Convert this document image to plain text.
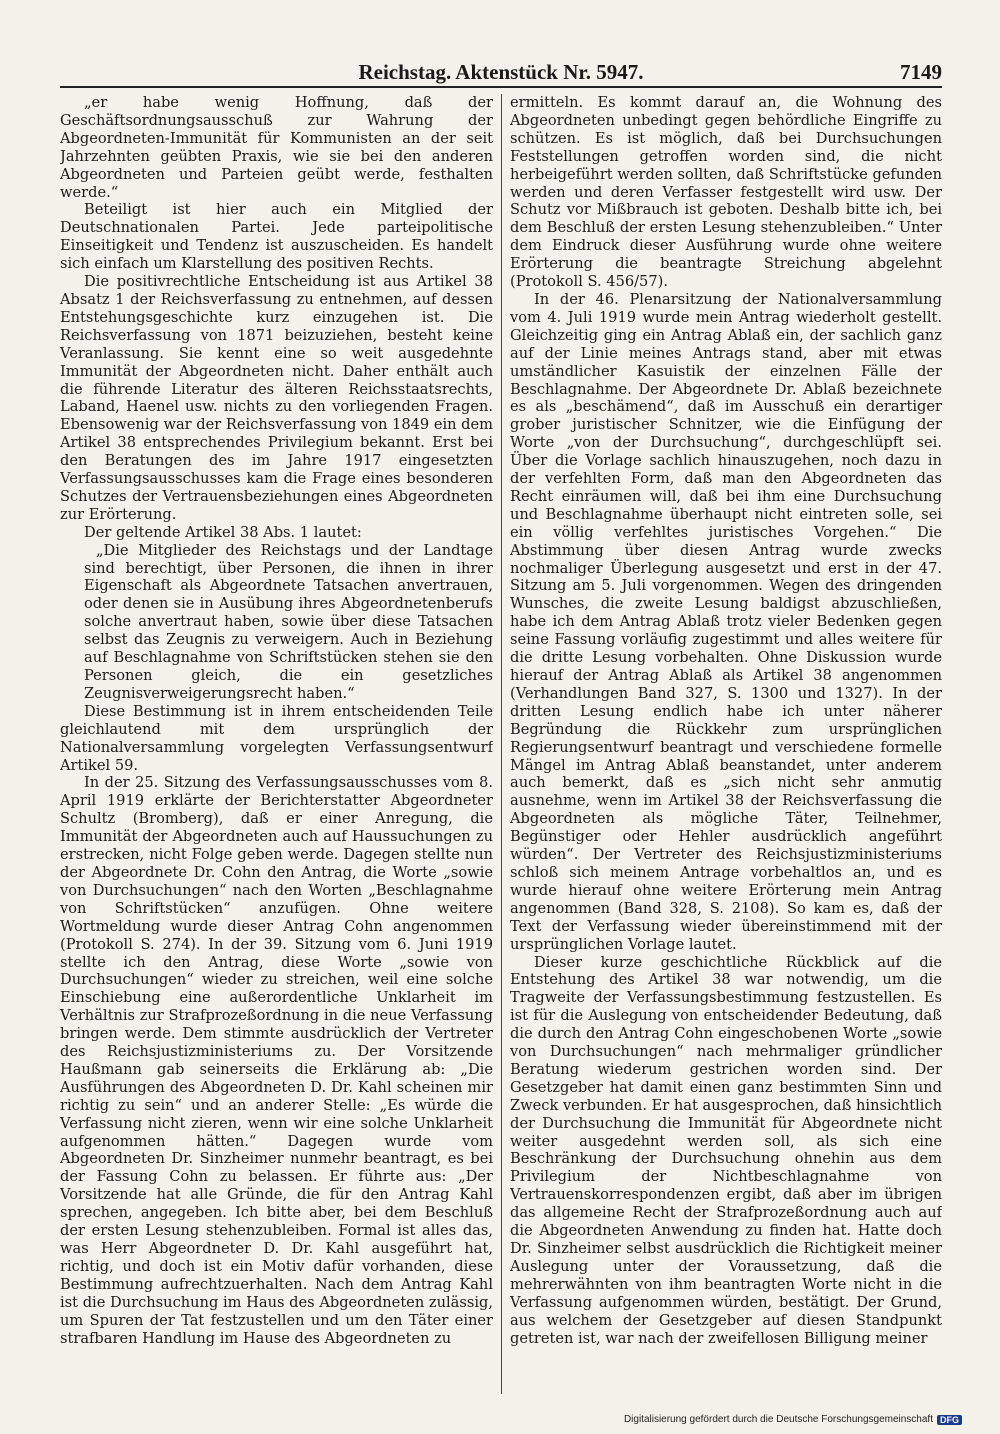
Reichstag. Aktenstück Nr. 5947.	7149

„er habe wenig Hoffnung, daß der Geschäftsordnungsausschuß zur Wahrung der Abgeordneten-Immunität für Kommunisten an der seit Jahrzehnten geübten Praxis, wie sie bei den anderen Abgeordneten und Parteien geübt werde, festhalten werde.“

Beteiligt ist hier auch ein Mitglied der Deutschnationalen Partei. Jede parteipolitische Einseitigkeit und Tendenz ist auszuscheiden. Es handelt sich einfach um Klarstellung des positiven Rechts.

Die positivrechtliche Entscheidung ist aus Artikel 38 Absatz 1 der Reichsverfassung zu entnehmen, auf dessen Entstehungsgeschichte kurz einzugehen ist. Die Reichsverfassung von 1871 beizuziehen, besteht keine Veranlassung. Sie kennt eine so weit ausgedehnte Immunität der Abgeordneten nicht. Daher enthält auch die führende Literatur des älteren Reichsstaatsrechts, Laband, Haenel usw. nichts zu den vorliegenden Fragen. Ebensowenig war der Reichsverfassung von 1849 ein dem Artikel 38 entsprechendes Privilegium bekannt. Erst bei den Beratungen des im Jahre 1917 eingesetzten Verfassungsausschusses kam die Frage eines besonderen Schutzes der Vertrauensbeziehungen eines Abgeordneten zur Erörterung.

Der geltende Artikel 38 Abs. 1 lautet:

„Die Mitglieder des Reichstags und der Landtage sind berechtigt, über Personen, die ihnen in ihrer Eigenschaft als Abgeordnete Tatsachen anvertrauen, oder denen sie in Ausübung ihres Abgeordnetenberufs solche anvertraut haben, sowie über diese Tatsachen selbst das Zeugnis zu verweigern. Auch in Beziehung auf Beschlagnahme von Schriftstücken stehen sie den Personen gleich, die ein gesetzliches Zeugnisverweigerungsrecht haben.“

Diese Bestimmung ist in ihrem entscheidenden Teile gleichlautend mit dem ursprünglich der Nationalversammlung vorgelegten Verfassungsentwurf Artikel 59.

In der 25. Sitzung des Verfassungsausschusses vom 8. April 1919 erklärte der Berichterstatter Abgeordneter Schultz (Bromberg), daß er einer Anregung, die Immunität der Abgeordneten auch auf Haussuchungen zu erstrecken, nicht Folge geben werde. Dagegen stellte nun der Abgeordnete Dr. Cohn den Antrag, die Worte „sowie von Durchsuchungen“ nach den Worten „Beschlagnahme von Schriftstücken“ anzufügen. Ohne weitere Wortmeldung wurde dieser Antrag Cohn angenommen (Protokoll S. 274). In der 39. Sitzung vom 6. Juni 1919 stellte ich den Antrag, diese Worte „sowie von Durchsuchungen“ wieder zu streichen, weil eine solche Einschiebung eine außerordentliche Unklarheit im Verhältnis zur Strafprozeßordnung in die neue Verfassung bringen werde. Dem stimmte ausdrücklich der Vertreter des Reichsjustizministeriums zu. Der Vorsitzende Haußmann gab seinerseits die Erklärung ab: „Die Ausführungen des Abgeordneten D. Dr. Kahl scheinen mir richtig zu sein“ und an anderer Stelle: „Es würde die Verfassung nicht zieren, wenn wir eine solche Unklarheit aufgenommen hätten.“ Dagegen wurde vom Abgeordneten Dr. Sinzheimer nunmehr beantragt, es bei der Fassung Cohn zu belassen. Er führte aus: „Der Vorsitzende hat alle Gründe, die für den Antrag Kahl sprechen, angegeben. Ich bitte aber, bei dem Beschluß der ersten Lesung stehenzubleiben. Formal ist alles das, was Herr Abgeordneter D. Dr. Kahl ausgeführt hat, richtig, und doch ist ein Motiv dafür vorhanden, diese Bestimmung aufrechtzuerhalten. Nach dem Antrag Kahl ist die Durchsuchung im Haus des Abgeordneten zulässig, um Spuren der Tat festzustellen und um den Täter einer strafbaren Handlung im Hause des Abgeordneten zu

ermitteln. Es kommt darauf an, die Wohnung des Abgeordneten unbedingt gegen behördliche Eingriffe zu schützen. Es ist möglich, daß bei Durchsuchungen Feststellungen getroffen worden sind, die nicht herbeigeführt werden sollten, daß Schriftstücke gefunden werden und deren Verfasser festgestellt wird usw. Der Schutz vor Mißbrauch ist geboten. Deshalb bitte ich, bei dem Beschluß der ersten Lesung stehenzubleiben.“ Unter dem Eindruck dieser Ausführung wurde ohne weitere Erörterung die beantragte Streichung abgelehnt (Protokoll S. 456/57).

In der 46. Plenarsitzung der Nationalversammlung vom 4. Juli 1919 wurde mein Antrag wiederholt gestellt. Gleichzeitig ging ein Antrag Ablaß ein, der sachlich ganz auf der Linie meines Antrags stand, aber mit etwas umständlicher Kasuistik der einzelnen Fälle der Beschlagnahme. Der Abgeordnete Dr. Ablaß bezeichnete es als „beschämend“, daß im Ausschuß ein derartiger grober juristischer Schnitzer, wie die Einfügung der Worte „von der Durchsuchung“, durchgeschlüpft sei. Über die Vorlage sachlich hinauszugehen, noch dazu in der verfehlten Form, daß man den Abgeordneten das Recht einräumen will, daß bei ihm eine Durchsuchung und Beschlagnahme überhaupt nicht eintreten solle, sei ein völlig verfehltes juristisches Vorgehen.“ Die Abstimmung über diesen Antrag wurde zwecks nochmaliger Überlegung ausgesetzt und erst in der 47. Sitzung am 5. Juli vorgenommen. Wegen des dringenden Wunsches, die zweite Lesung baldigst abzuschließen, habe ich dem Antrag Ablaß trotz vieler Bedenken gegen seine Fassung vorläufig zugestimmt und alles weitere für die dritte Lesung vorbehalten. Ohne Diskussion wurde hierauf der Antrag Ablaß als Artikel 38 angenommen (Verhandlungen Band 327, S. 1300 und 1327). In der dritten Lesung endlich habe ich unter näherer Begründung die Rückkehr zum ursprünglichen Regierungsentwurf beantragt und verschiedene formelle Mängel im Antrag Ablaß beanstandet, unter anderem auch bemerkt, daß es „sich nicht sehr anmutig ausnehme, wenn im Artikel 38 der Reichsverfassung die Abgeordneten als mögliche Täter, Teilnehmer, Begünstiger oder Hehler ausdrücklich angeführt würden“. Der Vertreter des Reichsjustizministeriums schloß sich meinem Antrage vorbehaltlos an, und es wurde hierauf ohne weitere Erörterung mein Antrag angenommen (Band 328, S. 2108). So kam es, daß der Text der Verfassung wieder übereinstimmend mit der ursprünglichen Vorlage lautet.

Dieser kurze geschichtliche Rückblick auf die Entstehung des Artikel 38 war notwendig, um die Tragweite der Verfassungsbestimmung festzustellen. Es ist für die Auslegung von entscheidender Bedeutung, daß die durch den Antrag Cohn eingeschobenen Worte „sowie von Durchsuchungen“ nach mehrmaliger gründlicher Beratung wiederum gestrichen worden sind. Der Gesetzgeber hat damit einen ganz bestimmten Sinn und Zweck verbunden. Er hat ausgesprochen, daß hinsichtlich der Durchsuchung die Immunität für Abgeordnete nicht weiter ausgedehnt werden soll, als sich eine Beschränkung der Durchsuchung ohnehin aus dem Privilegium der Nichtbeschlagnahme von Vertrauenskorrespondenzen ergibt, daß aber im übrigen das allgemeine Recht der Strafprozeßordnung auch auf die Abgeordneten Anwendung zu finden hat. Hatte doch Dr. Sinzheimer selbst ausdrücklich die Richtigkeit meiner Auslegung unter der Voraussetzung, daß die mehrerwähnten von ihm beantragten Worte nicht in die Verfassung aufgenommen würden, bestätigt. Der Grund, aus welchem der Gesetzgeber auf diesen Standpunkt getreten ist, war nach der zweifellosen Billigung meiner

Digitalisierung gefördert durch die Deutsche Forschungsgemeinschaft DFG
